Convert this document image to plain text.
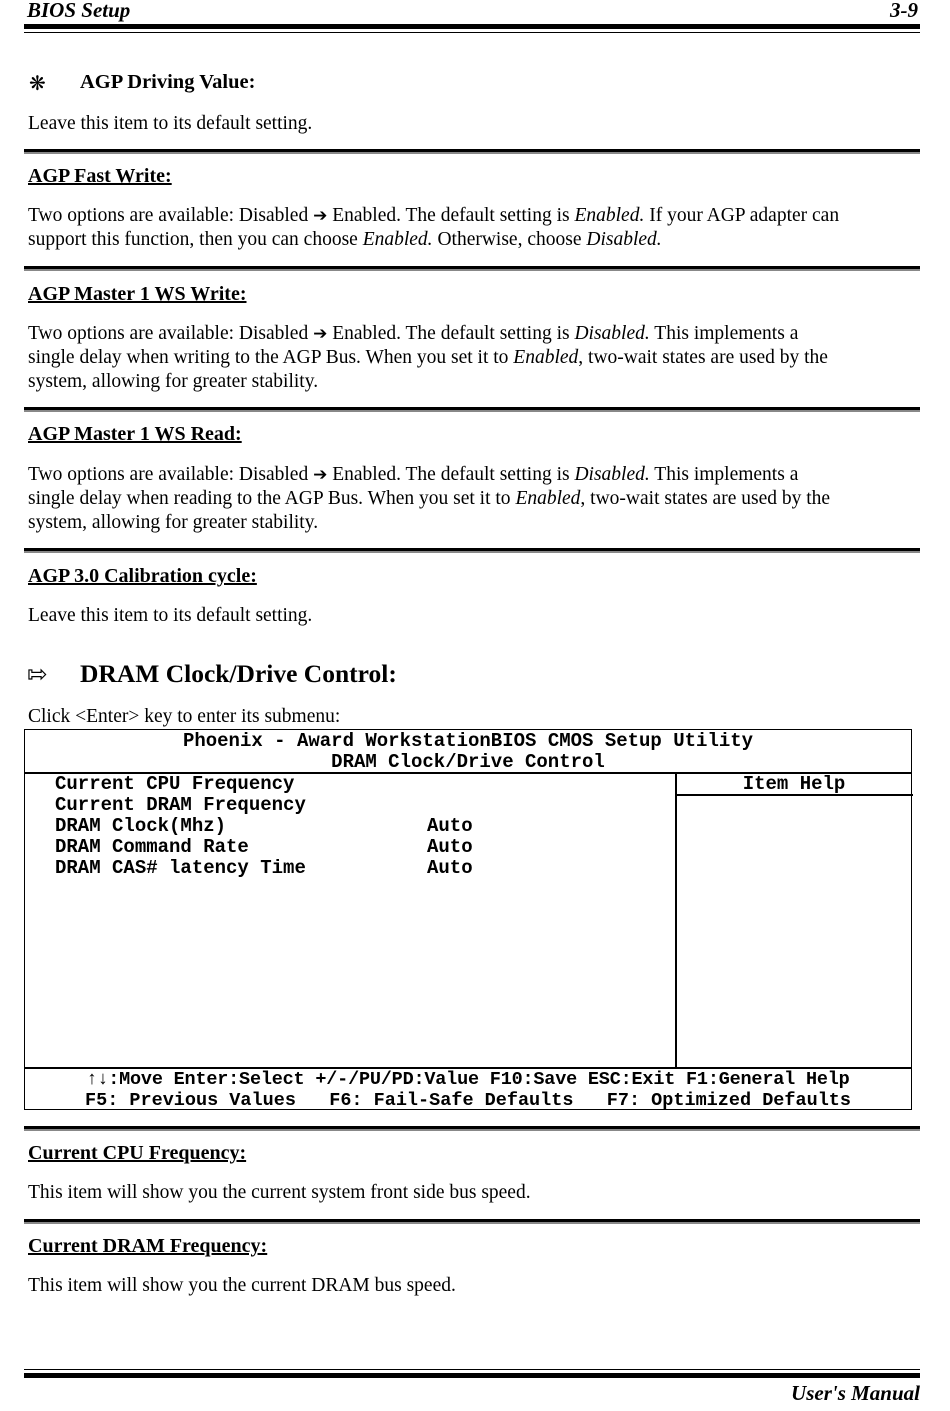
BIOS Setup	3-9
❋ AGP Driving Value:
Leave this item to its default setting.
AGP Fast Write:
Two options are available: Disabled ➔ Enabled. The default setting is Enabled. If your AGP adapter can
support this function, then you can choose Enabled. Otherwise, choose Disabled.
AGP Master 1 WS Write:
Two options are available: Disabled ➔ Enabled. The default setting is Disabled. This implements a
single delay when writing to the AGP Bus. When you set it to Enabled, two-wait states are used by the
system, allowing for greater stability.
AGP Master 1 WS Read:
Two options are available: Disabled ➔ Enabled. The default setting is Disabled. This implements a
single delay when reading to the AGP Bus. When you set it to Enabled, two-wait states are used by the
system, allowing for greater stability.
AGP 3.0 Calibration cycle:
Leave this item to its default setting.
⇰ DRAM Clock/Drive Control:
Click <Enter> key to enter its submenu:
Phoenix - Award WorkstationBIOS CMOS Setup Utility
DRAM Clock/Drive Control
Item Help
Current CPU Frequency
Current DRAM Frequency
DRAM Clock(Mhz)	Auto
DRAM Command Rate	Auto
DRAM CAS# latency Time	Auto
↑↓:Move Enter:Select +/-/PU/PD:Value F10:Save ESC:Exit F1:General Help
F5: Previous Values   F6: Fail-Safe Defaults   F7: Optimized Defaults
Current CPU Frequency:
This item will show you the current system front side bus speed.
Current DRAM Frequency:
This item will show you the current DRAM bus speed.
User's Manual
